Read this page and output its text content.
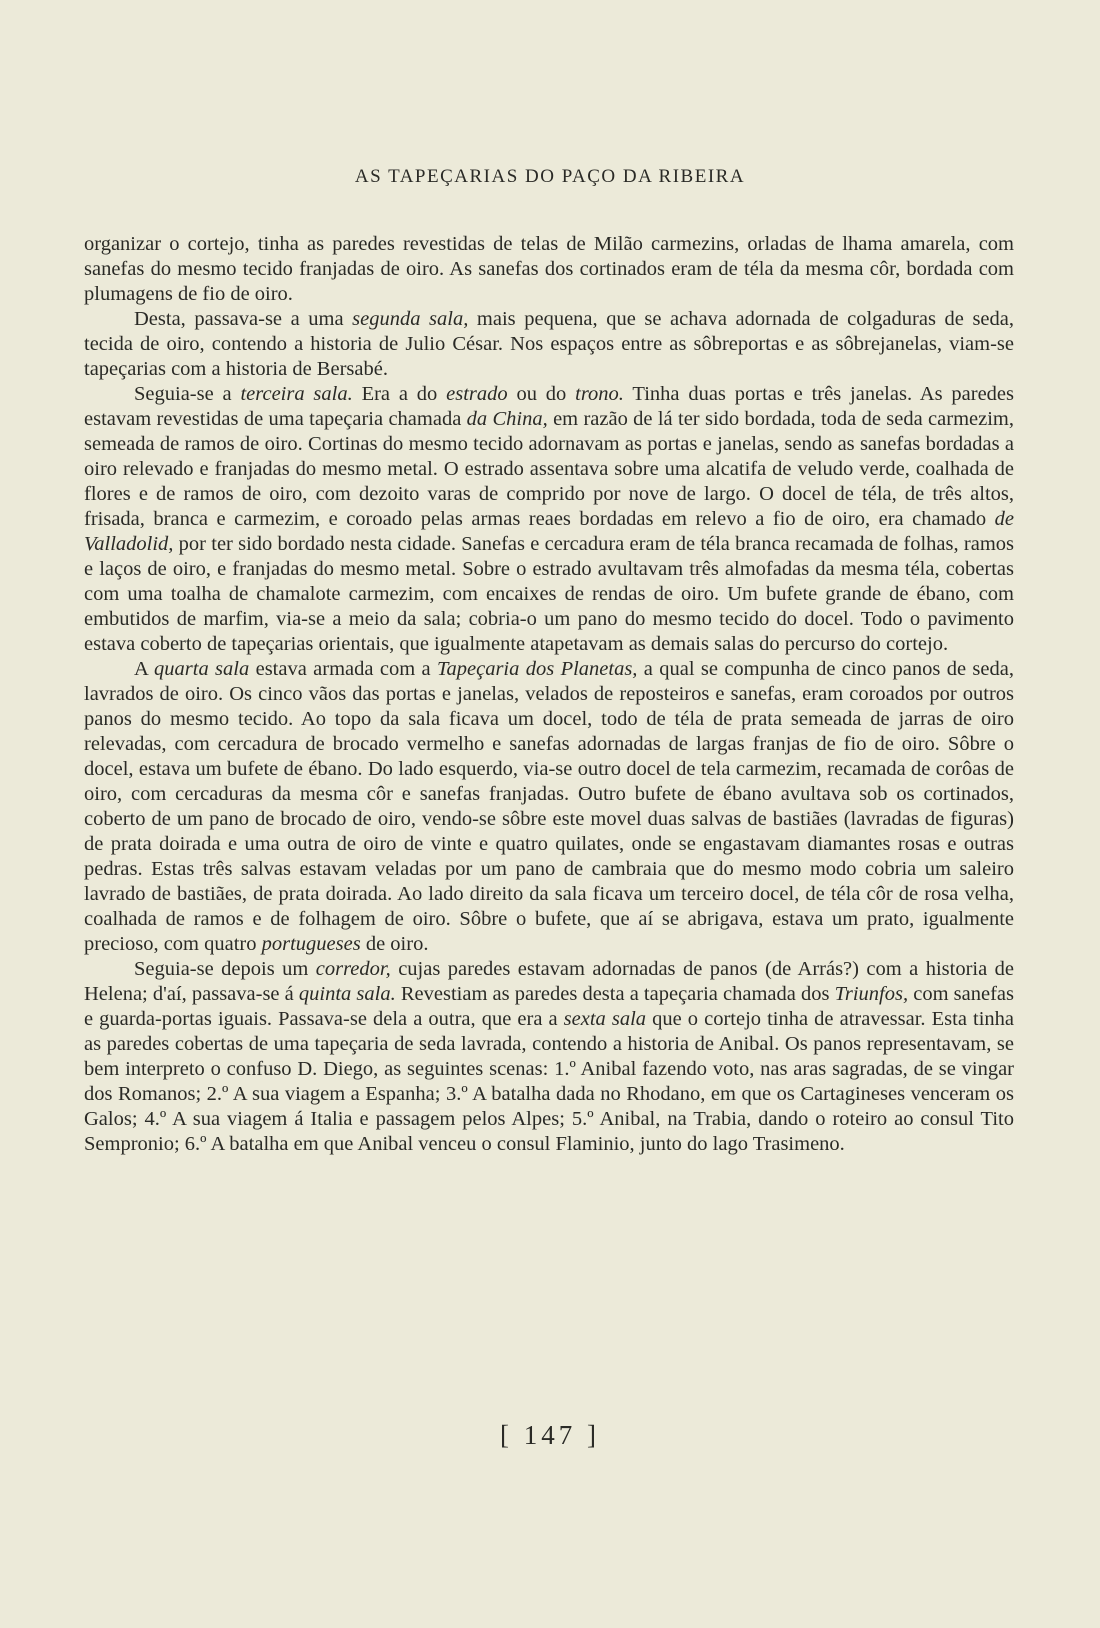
AS TAPEÇARIAS DO PAÇO DA RIBEIRA

organizar o cortejo, tinha as paredes revestidas de telas de Milão carmezins, orladas de lhama amarela, com sanefas do mesmo tecido franjadas de oiro. As sanefas dos cortinados eram de téla da mesma côr, bordada com plumagens de fio de oiro.

Desta, passava-se a uma segunda sala, mais pequena, que se achava adornada de colgaduras de seda, tecida de oiro, contendo a historia de Julio César. Nos espaços entre as sôbreportas e as sôbrejanelas, viam-se tapeçarias com a historia de Bersabé.

Seguia-se a terceira sala. Era a do estrado ou do trono. Tinha duas portas e três janelas. As paredes estavam revestidas de uma tapeçaria chamada da China, em razão de lá ter sido bordada, toda de seda carmezim, semeada de ramos de oiro. Cortinas do mesmo tecido adornavam as portas e janelas, sendo as sanefas bordadas a oiro relevado e franjadas do mesmo metal. O estrado assentava sobre uma alcatifa de veludo verde, coalhada de flores e de ramos de oiro, com dezoito varas de comprido por nove de largo. O docel de téla, de três altos, frisada, branca e carmezim, e coroado pelas armas reaes bordadas em relevo a fio de oiro, era chamado de Valladolid, por ter sido bordado nesta cidade. Sanefas e cercadura eram de téla branca recamada de folhas, ramos e laços de oiro, e franjadas do mesmo metal. Sobre o estrado avultavam três almofadas da mesma téla, cobertas com uma toalha de chamalote carmezim, com encaixes de rendas de oiro. Um bufete grande de ébano, com embutidos de marfim, via-se a meio da sala; cobria-o um pano do mesmo tecido do docel. Todo o pavimento estava coberto de tapeçarias orientais, que igualmente atapetavam as demais salas do percurso do cortejo.

A quarta sala estava armada com a Tapeçaria dos Planetas, a qual se compunha de cinco panos de seda, lavrados de oiro. Os cinco vãos das portas e janelas, velados de reposteiros e sanefas, eram coroados por outros panos do mesmo tecido. Ao topo da sala ficava um docel, todo de téla de prata semeada de jarras de oiro relevadas, com cercadura de brocado vermelho e sanefas adornadas de largas franjas de fio de oiro. Sôbre o docel, estava um bufete de ébano. Do lado esquerdo, via-se outro docel de tela carmezim, recamada de corôas de oiro, com cercaduras da mesma côr e sanefas franjadas. Outro bufete de ébano avultava sob os cortinados, coberto de um pano de brocado de oiro, vendo-se sôbre este movel duas salvas de bastiães (lavradas de figuras) de prata doirada e uma outra de oiro de vinte e quatro quilates, onde se engastavam diamantes rosas e outras pedras. Estas três salvas estavam veladas por um pano de cambraia que do mesmo modo cobria um saleiro lavrado de bastiães, de prata doirada. Ao lado direito da sala ficava um terceiro docel, de téla côr de rosa velha, coalhada de ramos e de folhagem de oiro. Sôbre o bufete, que aí se abrigava, estava um prato, igualmente precioso, com quatro portugueses de oiro.

Seguia-se depois um corredor, cujas paredes estavam adornadas de panos (de Arrás?) com a historia de Helena; d'aí, passava-se á quinta sala. Revestiam as paredes desta a tapeçaria chamada dos Triunfos, com sanefas e guarda-portas iguais. Passava-se dela a outra, que era a sexta sala que o cortejo tinha de atravessar. Esta tinha as paredes cobertas de uma tapeçaria de seda lavrada, contendo a historia de Anibal. Os panos representavam, se bem interpreto o confuso D. Diego, as seguintes scenas: 1.º Anibal fazendo voto, nas aras sagradas, de se vingar dos Romanos; 2.º A sua viagem a Espanha; 3.º A batalha dada no Rhodano, em que os Cartagineses venceram os Galos; 4.º A sua viagem á Italia e passagem pelos Alpes; 5.º Anibal, na Trabia, dando o roteiro ao consul Tito Sempronio; 6.º A batalha em que Anibal venceu o consul Flaminio, junto do lago Trasimeno.

[ 147 ]
